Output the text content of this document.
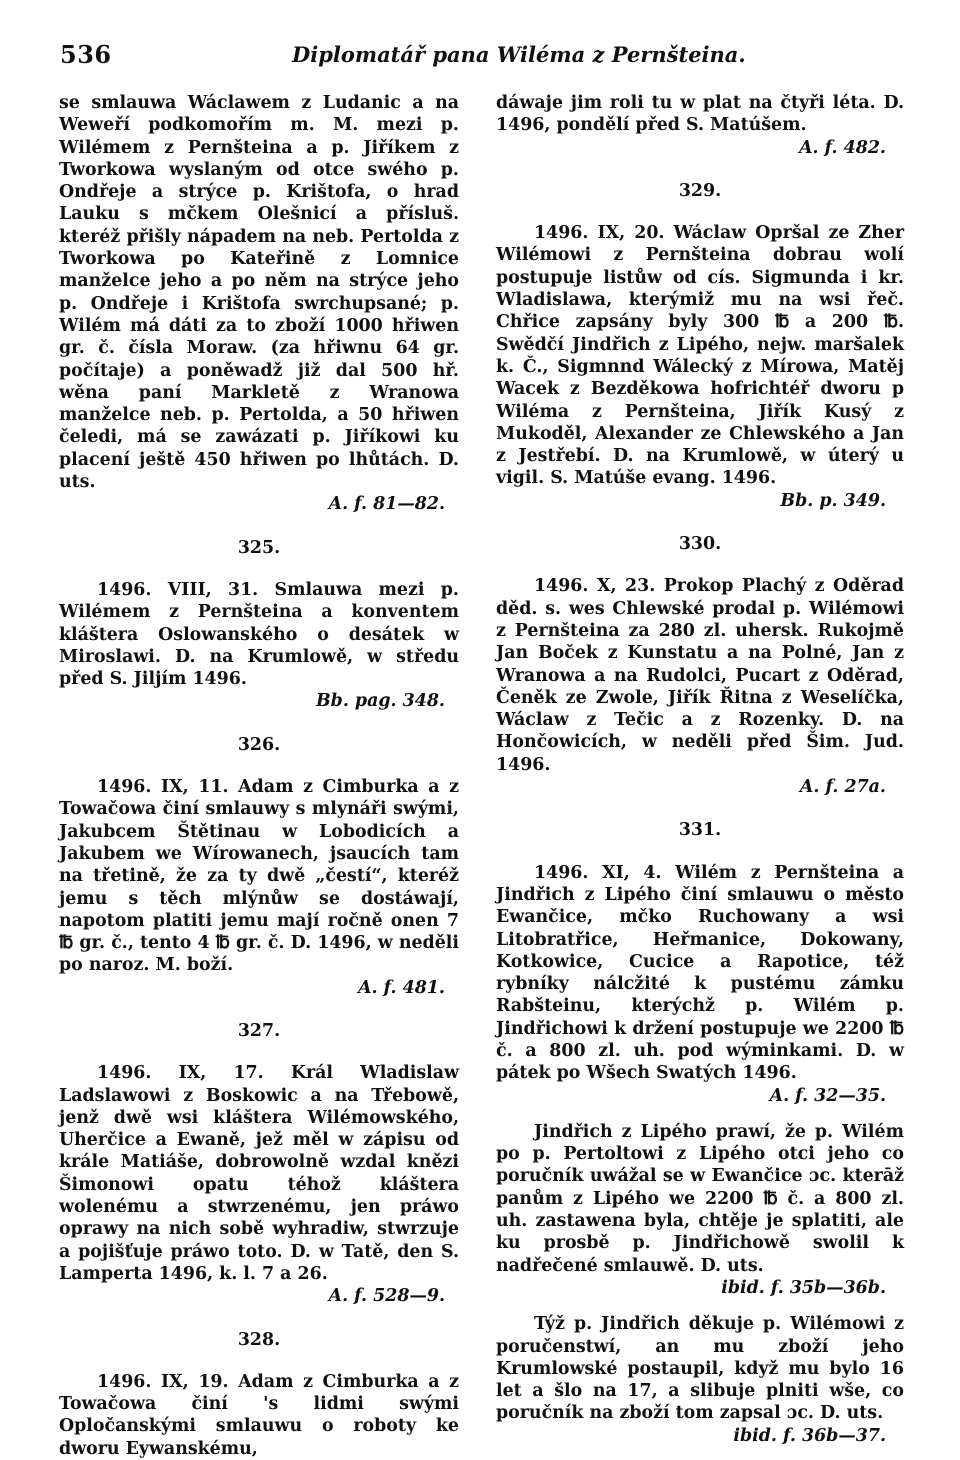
536	Diplomatář pana Wiléma z Pernšteina.

se smlauwa Wáclawem z Ludanic a na Weweří podkomořím m. M. mezi p. Wilémem z Pernšteina a p. Jiříkem z Tworkowa wyslaným od otce swého p. Ondřeje a strýce p. Krištofa, o hrad Lauku s mčkem Olešnicí a přísluš. kteréž přišly nápadem na neb. Pertolda z Tworkowa po Kateřině z Lomnice manželce jeho a po něm na strýce jeho p. Ondřeje i Krištofa swrchupsané; p. Wilém má dáti za to zboží 1000 hřiwen gr. č. čísla Moraw. (za hřiwnu 64 gr. počítaje) a poněwadž již dal 500 hř. wěna paní Markletě z Wranowa manželce neb. p. Pertolda, a 50 hřiwen čeledi, má se zawázati p. Jiříkowi ku placení ještě 450 hřiwen po lhůtách. D. uts.

A. f. 81—82.

325.

1496. VIII, 31. Smlauwa mezi p. Wilémem z Pernšteina a konventem kláštera Oslowanského o desátek w Miroslawi. D. na Krumlowě, w středu před S. Jiljím 1496.

Bb. pag. 348.

326.

1496. IX, 11. Adam z Cimburka a z Towačowa činí smlauwy s mlynáři swými, Jakubcem Štětinau w Lobodicích a Jakubem we Wírowanech, jsaucích tam na třetině, že za ty dwě „čestí“, kteréž jemu s těch mlýnůw se dostáwají, napotom platiti jemu mají ročně onen 7 ℔ gr. č., tento 4 ℔ gr. č. D. 1496, w neděli po naroz. M. boží.

A. f. 481.

327.

1496. IX, 17. Král Wladislaw Ladslawowi z Boskowic a na Třebowě, jenž dwě wsi kláštera Wilémowského, Uherčice a Ewaně, jež měl w zápisu od krále Matiáše, dobrowolně wzdal knězi Šimonowi opatu téhož kláštera wolenému a stwrzenému, jen práwo oprawy na nich sobě wyhradiw, stwrzuje a pojišťuje práwo toto. D. w Tatě, den S. Lamperta 1496, k. l. 7 a 26.

A. f. 528—9.

328.

1496. IX, 19. Adam z Cimburka a z Towačowa činí 's lidmi swými Opločanskými smlauwu o roboty ke dworu Eywanskému,

dáwaje jim roli tu w plat na čtyři léta. D. 1496, pondělí před S. Matúšem.

A. f. 482.

329.

1496. IX, 20. Wáclaw Opršal ze Zher Wilémowi z Pernšteina dobrau wolí postupuje listůw od cís. Sigmunda i kr. Wladislawa, kterýmiž mu na wsi řeč. Chřice zapsány byly 300 ℔ a 200 ℔. Swědčí Jindřich z Lipého, nejw. maršalek k. Č., Sigmnnd Wálecký z Mírowa, Matěj Wacek z Bezděkowa hofrichtéř dworu p Wiléma z Pernšteina, Jiřík Kusý z Mukoděl, Alexander ze Chlewského a Jan z Jestřebí. D. na Krumlowě, w úterý u vigil. S. Matúše evang. 1496.

Bb. p. 349.

330.

1496. X, 23. Prokop Plachý z Oděrad děd. s. wes Chlewské prodal p. Wilémowi z Pernšteina za 280 zl. uhersk. Rukojmě Jan Boček z Kunstatu a na Polné, Jan z Wranowa a na Rudolci, Pucart z Oděrad, Čeněk ze Zwole, Jiřík Řitna z Weselíčka, Wáclaw z Tečic a z Rozenky. D. na Hončowicích, w neděli před Šim. Jud. 1496.

A. f. 27a.

331.

1496. XI, 4. Wilém z Pernšteina a Jindřich z Lipého činí smlauwu o město Ewančice, mčko Ruchowany a wsi Litobratřice, Heřmanice, Dokowany, Kotkowice, Cucice a Rapotice, též rybníky nálcžité k pustému zámku Rabšteinu, kterýchž p. Wilém p. Jindřichowi k držení postupuje we 2200 ℔ č. a 800 zl. uh. pod wýminkami. D. w pátek po Wšech Swatých 1496.

A. f. 32—35.

Jindřich z Lipého prawí, že p. Wilém po p. Pertoltowi z Lipého otci jeho co poručník uwážal se w Ewančice ɔc. kterāž panům z Lipého we 2200 ℔ č. a 800 zl. uh. zastawena byla, chtěje je splatiti, ale ku prosbě p. Jindřichowě swolil k nadřečené smlauwě. D. uts.

ibid. f. 35b—36b.

Týž p. Jindřich děkuje p. Wilémowi z poručenstwí, an mu zboží jeho Krumlowské postaupil, když mu bylo 16 let a šlo na 17, a slibuje plniti wše, co poručník na zboží tom zapsal ɔc. D. uts.

ibid. f. 36b—37.
